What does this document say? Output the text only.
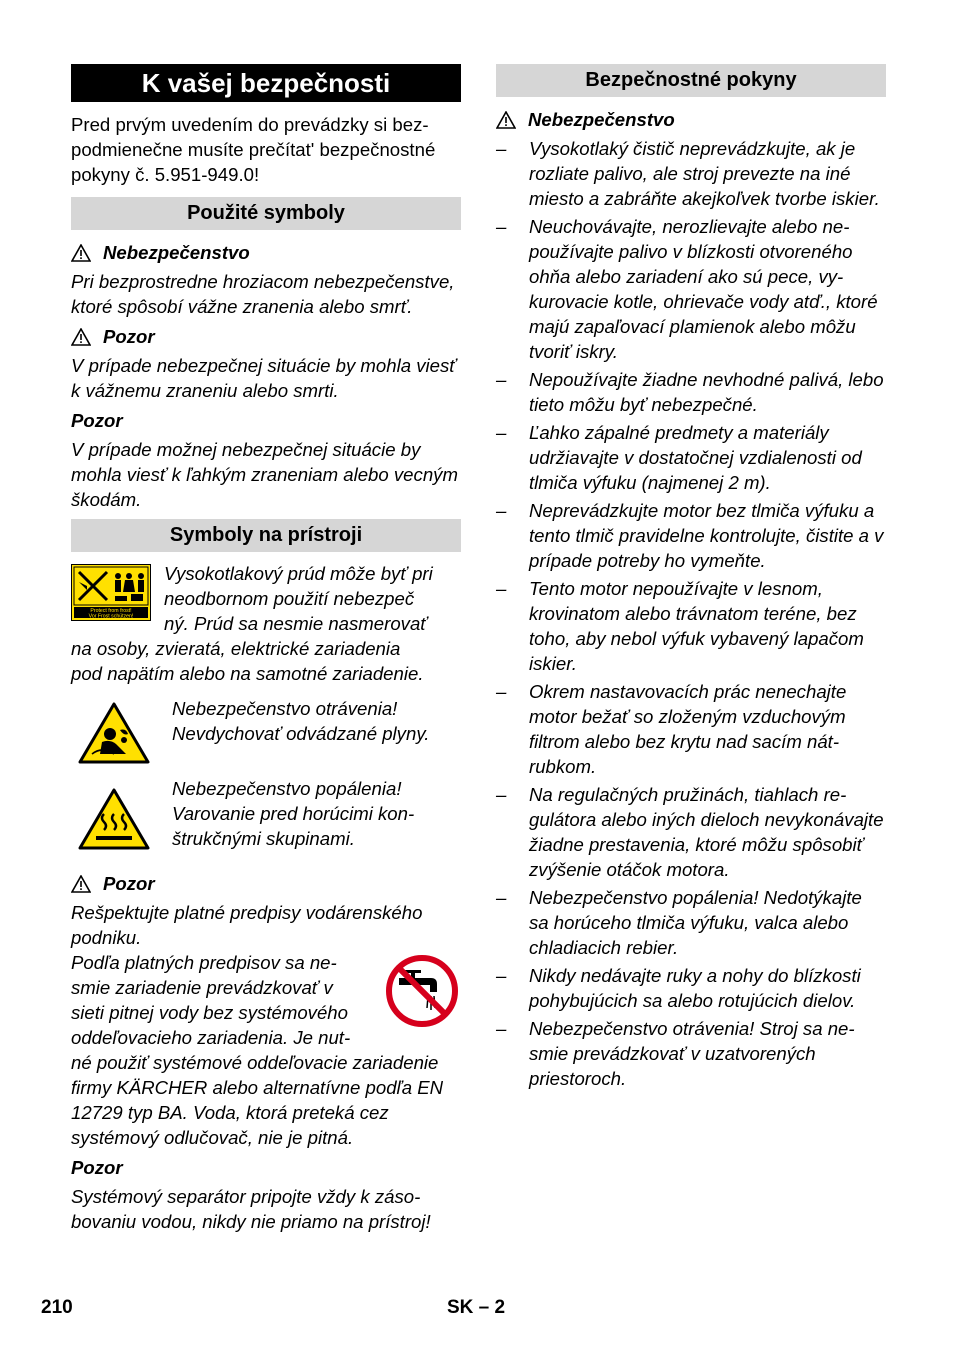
K vašej bezpečnosti

Pred prvým uvedením do prevádzky si bezpodmienečne musíte prečítat' bezpečnostné pokyny č. 5.951-949.0!

Použité symboly
Nebezpečenstvo

Pri bezprostredne hroziacom nebezpečenstve, ktoré spôsobí vážne zranenia alebo smrť.

Pozor

V prípade nebezpečnej situácie by mohla viesť k vážnemu zraneniu alebo smrti.

Pozor

V prípade možnej nebezpečnej situácie by mohla viesť k ľahkým zraneniam alebo vecným škodám.

Symboly na prístroji
Protect from frost!
Vor Frost schützen!

Vysokotlakový prúd môže byť pri

neodbornom použití nebezpeč

ný. Prúd sa nesmie nasmerovať

na osoby, zvieratá, elektrické zariadenia

pod napätím alebo na samotné zariadenie.

Nebezpečenstvo otrávenia! Nevdychovať odvádzané plyny.

Nebezpečenstvo popálenia! Varovanie pred horúcimi konštrukčnými skupinami.

Pozor

Rešpektujte platné predpisy vodárenského podniku.

Podľa platných predpisov sa ne-

smie zariadenie prevádzkovať v

sieti pitnej vody bez systémového

oddeľovacieho zariadenia. Je nut-

né použiť systémové oddeľovacie zariadenie firmy KÄRCHER alebo alternatívne podľa EN 12729 typ BA. Voda, ktorá preteká cez systémový odlučovač, nie je pitná.

Pozor

Systémový separátor pripojte vždy k zásobovaniu vodou, nikdy nie priamo na prístroj!

Bezpečnostné pokyny
Nebezpečenstvo
– Vysokotlaký čistič neprevádzkujte, ak je rozliate palivo, ale stroj prevezte na iné miesto a zabráňte akejkoľvek tvorbe iskier.
– Neuchovávajte, nerozlievajte alebo nepoužívajte palivo v blízkosti otvoreného ohňa alebo zariadení ako sú pece, vykurovacie kotle, ohrievače vody atď., ktoré majú zapaľovací plamienok alebo môžu tvoriť iskry.
– Nepoužívajte žiadne nevhodné palivá, lebo tieto môžu byť nebezpečné.
– Ľahko zápalné predmety a materiály udržiavajte v dostatočnej vzdialenosti od tlmiča výfuku (najmenej 2 m).
– Neprevádzkujte motor bez tlmiča výfuku a tento tlmič pravidelne kontrolujte, čistite a v prípade potreby ho vymeňte.
– Tento motor nepoužívajte v lesnom, krovinatom alebo trávnatom teréne, bez toho, aby nebol výfuk vybavený lapačom iskier.
– Okrem nastavovacích prác nenechajte motor bežať so zloženým vzduchovým filtrom alebo bez krytu nad sacím nátrubkom.
– Na regulačných pružinách, tiahlach regulátora alebo iných dieloch nevykonávajte žiadne prestavenia, ktoré môžu spôsobiť zvýšenie otáčok motora.
– Nebezpečenstvo popálenia! Nedotýkajte sa horúceho tlmiča výfuku, valca alebo chladiacich rebier.
– Nikdy nedávajte ruky a nohy do blízkosti pohybujúcich sa alebo rotujúcich dielov.
– Nebezpečenstvo otrávenia! Stroj sa nesmie prevádzkovať v uzatvorených priestoroch.
210	SK – 2
